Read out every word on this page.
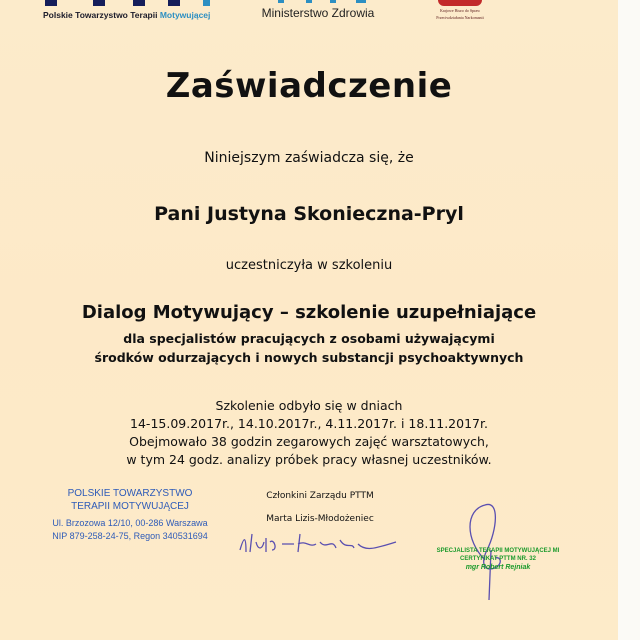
Polskie Towarzystwo Terapii Motywującej	Ministerstwo Zdrowia	Krajowe Biuro do Spraw
Przeciwdziałania Narkomanii
Zaświadczenie
Niniejszym zaświadcza się, że
Pani Justyna Skonieczna-Pryl
uczestniczyła w szkoleniu
Dialog Motywujący – szkolenie uzupełniające
dla specjalistów pracujących z osobami używającymi
środków odurzających i nowych substancji psychoaktywnych
Szkolenie odbyło się w dniach
14-15.09.2017r., 14.10.2017r., 4.11.2017r. i 18.11.2017r.
Obejmowało 38 godzin zegarowych zajęć warsztatowych,
w tym 24 godz. analizy próbek pracy własnej uczestników.
POLSKIE TOWARZYSTWO
TERAPII MOTYWUJĄCEJ
Ul. Brzozowa 12/10, 00-286 Warszawa
NIP 879-258-24-75, Regon 340531694
Członkini Zarządu PTTM
Marta Lizis-Młodożeniec
SPECJALISTA TERAPII MOTYWUJĄCEJ MI
CERTYFIKAT PTTM NR. 32
mgr Robert Rejniak
